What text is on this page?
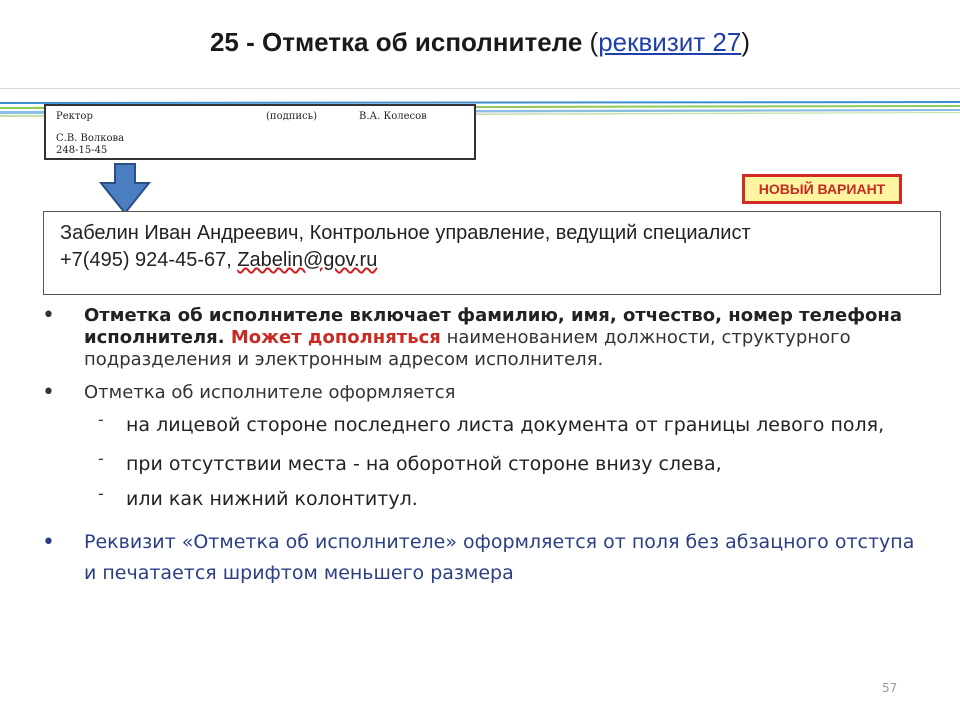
25 - Отметка об исполнителе (реквизит 27)
Ректор	(подпись)	В.А. Колесов
С.В. Волкова
248-15-45
НОВЫЙ ВАРИАНТ
Забелин Иван Андреевич, Контрольное управление, ведущий специалист
+7(495) 924-45-67, Zabelin@gov.ru

• Отметка об исполнителе включает фамилию, имя, отчество, номер телефона исполнителя. Может дополняться наименованием должности, структурного подразделения и электронным адресом исполнителя.

• Отметка об исполнителе оформляется

- на лицевой стороне последнего листа документа от границы левого поля,
- при отсутствии места - на оборотной стороне внизу слева,
- или как нижний колонтитул.

• Реквизит «Отметка об исполнителе» оформляется от поля без абзацного отступа и печатается шрифтом меньшего размера

57
